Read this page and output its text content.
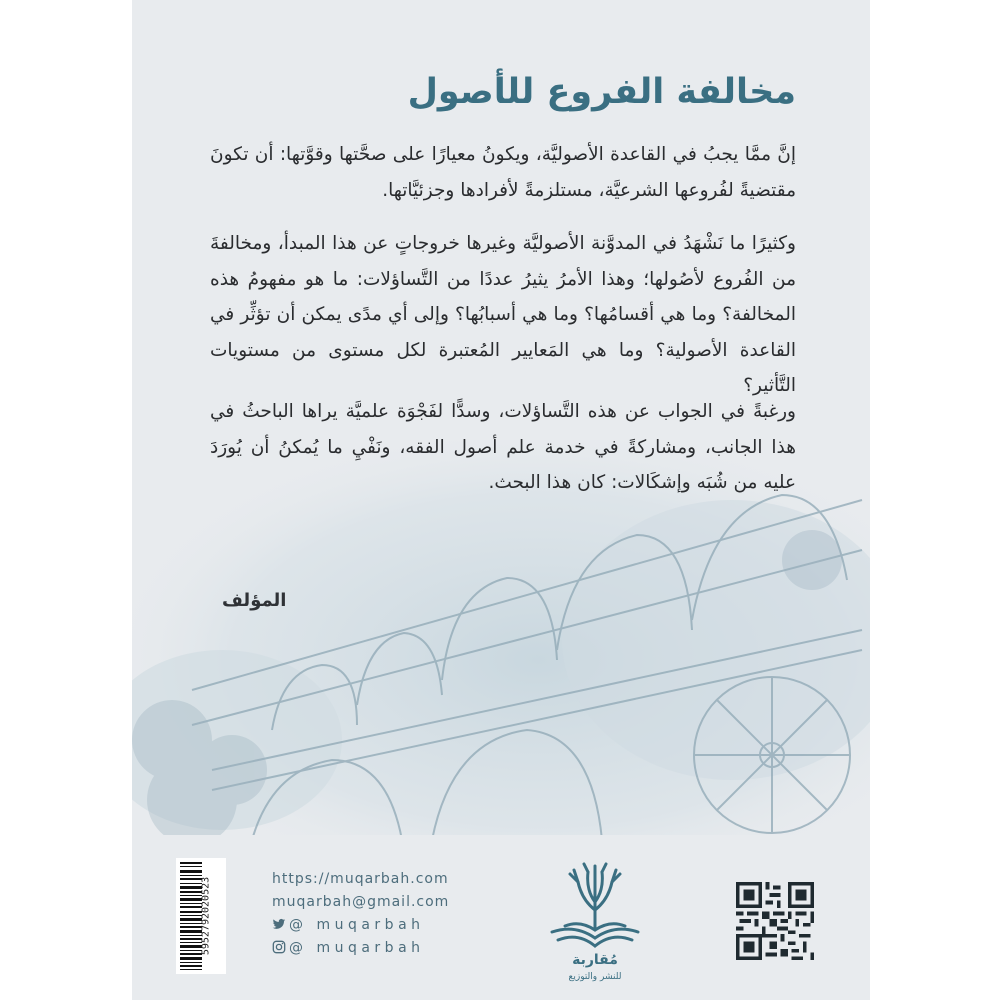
مخالفة الفروع للأصول

إنَّ ممَّا يجبُ في القاعدة الأصوليَّة، ويكونُ معيارًا على صحَّتها وقوَّتها: أن تكونَ مقتضيةً لفُروعها الشرعيَّة، مستلزمةً لأفرادها وجزئيَّاتها.

وكثيرًا ما نَشْهَدُ في المدوَّنة الأصوليَّة وغيرها خروجاتٍ عن هذا المبدأ، ومخالفةَ من الفُروع لأصُولها؛ وهذا الأمرُ يثيرُ عددًا من التَّساؤلات: ما هو مفهومُ هذه المخالفة؟ وما هي أقسامُها؟ وما هي أسبابُها؟ وإلى أي مدًى يمكن أن تؤثِّر في القاعدة الأصولية؟ وما هي المَعايير المُعتبرة لكل مستوى من مستويات التَّأثير؟

ورغبةً في الجواب عن هذه التَّساؤلات، وسدًّا لفَجْوَة علميَّة يراها الباحثُ في هذا الجانب، ومشاركةً في خدمة علم أصول الفقه، ونَفْيِ ما يُمكنُ أن يُورَدَ عليه من شُبَه وإشكَالات: كان هذا البحث.

المؤلف
5952792020523	https://muqarbah.com
muqarbah@gmail.com
@ muqarbah
@ muqarbah
مُقاربة
للنشر والتوزيع
